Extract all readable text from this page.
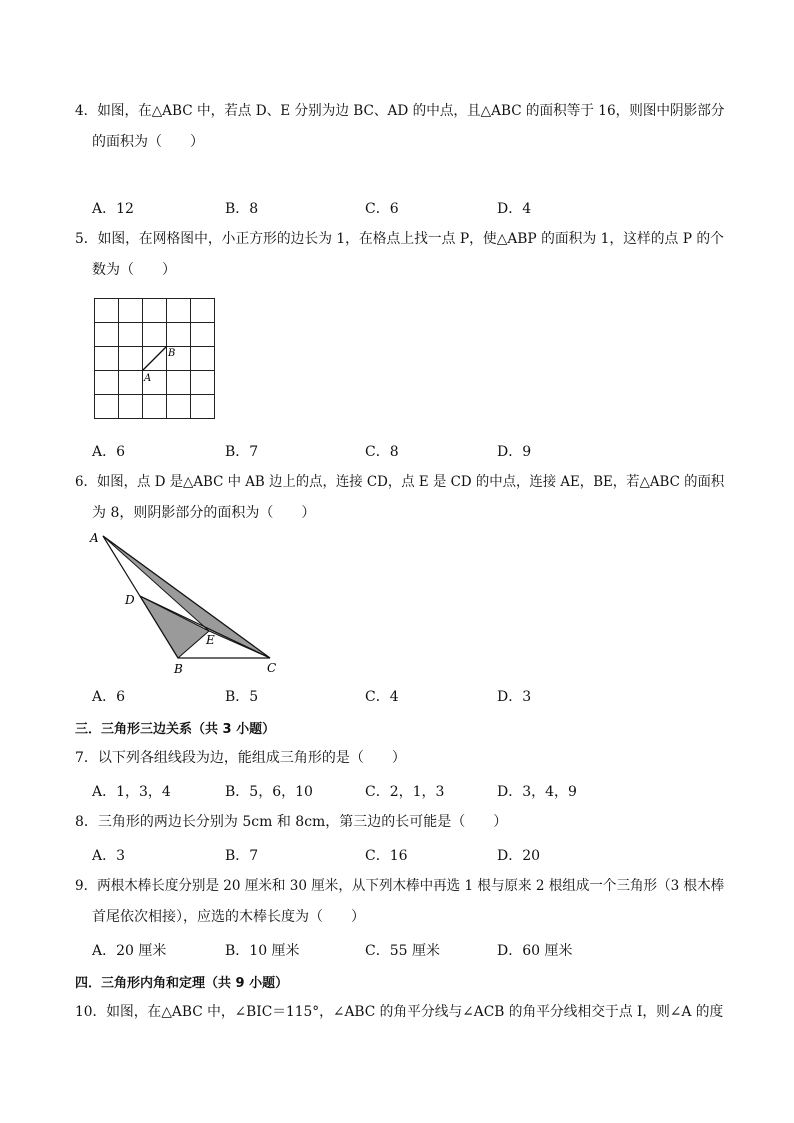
4．如图，在△ABC 中，若点 D、E 分别为边 BC、AD 的中点，且△ABC 的面积等于 16，则图中阴影部分
的面积为（　　）
A．12	B．8	C．6	D．4
5．如图，在网格图中，小正方形的边长为 1，在格点上找一点 P，使△ABP 的面积为 1，这样的点 P 的个
数为（　　）
A
B
A．6	B．7	C．8	D．9
6．如图，点 D 是△ABC 中 AB 边上的点，连接 CD，点 E 是 CD 的中点，连接 AE，BE，若△ABC 的面积
为 8，则阴影部分的面积为（　　）
A
D
E
B	C
A．6	B．5	C．4	D．3
三．三角形三边关系（共 3 小题）
7．以下列各组线段为边，能组成三角形的是（　　）
A．1，3，4	B．5，6，10	C．2，1，3	D．3，4，9
8．三角形的两边长分别为 5cm 和 8cm，第三边的长可能是（　　）
A．3	B．7	C．16	D．20
9．两根木棒长度分别是 20 厘米和 30 厘米，从下列木棒中再选 1 根与原来 2 根组成一个三角形（3 根木棒
首尾依次相接），应选的木棒长度为（　　）
A．20 厘米	B．10 厘米	C．55 厘米	D．60 厘米
四．三角形内角和定理（共 9 小题）
10．如图，在△ABC 中，∠BIC＝115°，∠ABC 的角平分线与∠ACB 的角平分线相交于点 I，则∠A 的度
